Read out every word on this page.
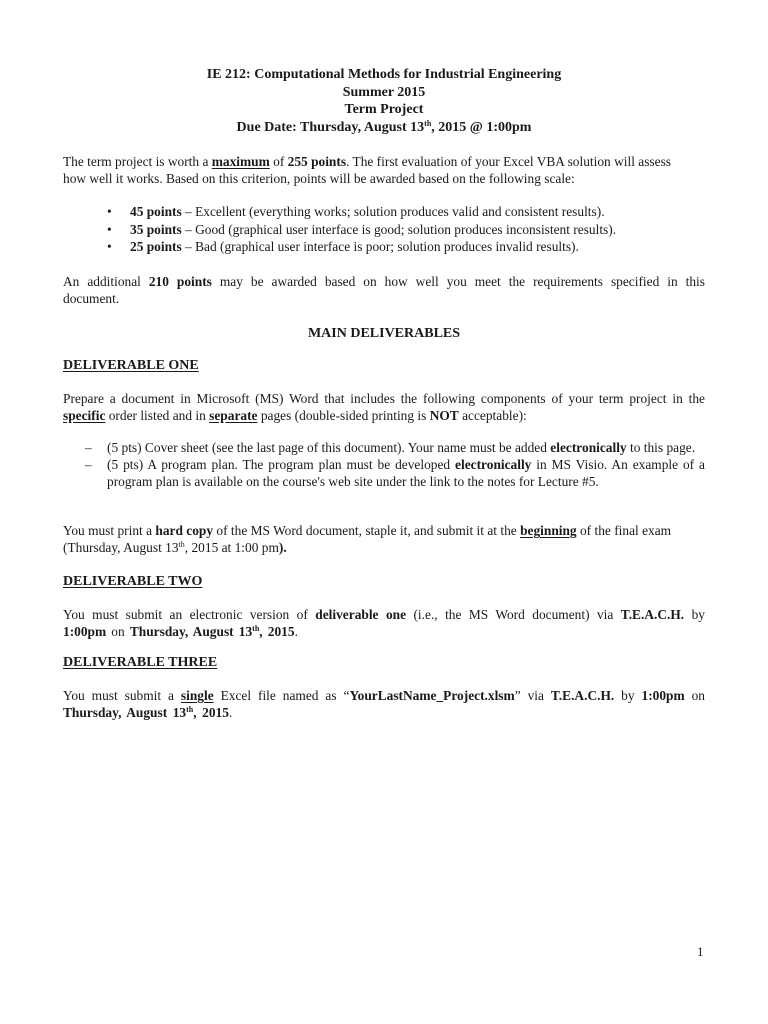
IE 212: Computational Methods for Industrial Engineering
Summer 2015
Term Project
Due Date: Thursday, August 13th, 2015 @ 1:00pm
The term project is worth a maximum of 255 points. The first evaluation of your Excel VBA solution will assess
how well it works. Based on this criterion, points will be awarded based on the following scale:
• 45 points – Excellent (everything works; solution produces valid and consistent results).
• 35 points – Good (graphical user interface is good; solution produces inconsistent results).
• 25 points – Bad (graphical user interface is poor; solution produces invalid results).
An additional 210 points may be awarded based on how well you meet the requirements specified in this document.
MAIN DELIVERABLES
DELIVERABLE ONE
Prepare a document in Microsoft (MS) Word that includes the following components of your term project in the specific order listed and in separate pages (double-sided printing is NOT acceptable):
– (5 pts) Cover sheet (see the last page of this document). Your name must be added electronically to this page.
– (5 pts) A program plan. The program plan must be developed electronically in MS Visio. An example of a program plan is available on the course's web site under the link to the notes for Lecture #5.
You must print a hard copy of the MS Word document, staple it, and submit it at the beginning of the final exam
(Thursday, August 13th, 2015 at 1:00 pm).
DELIVERABLE TWO
You must submit an electronic version of deliverable one (i.e., the MS Word document) via T.E.A.C.H. by 1:00pm on Thursday, August 13th, 2015.
DELIVERABLE THREE
You must submit a single Excel file named as “YourLastName_Project.xlsm” via T.E.A.C.H. by 1:00pm on Thursday, August 13th, 2015.
1
